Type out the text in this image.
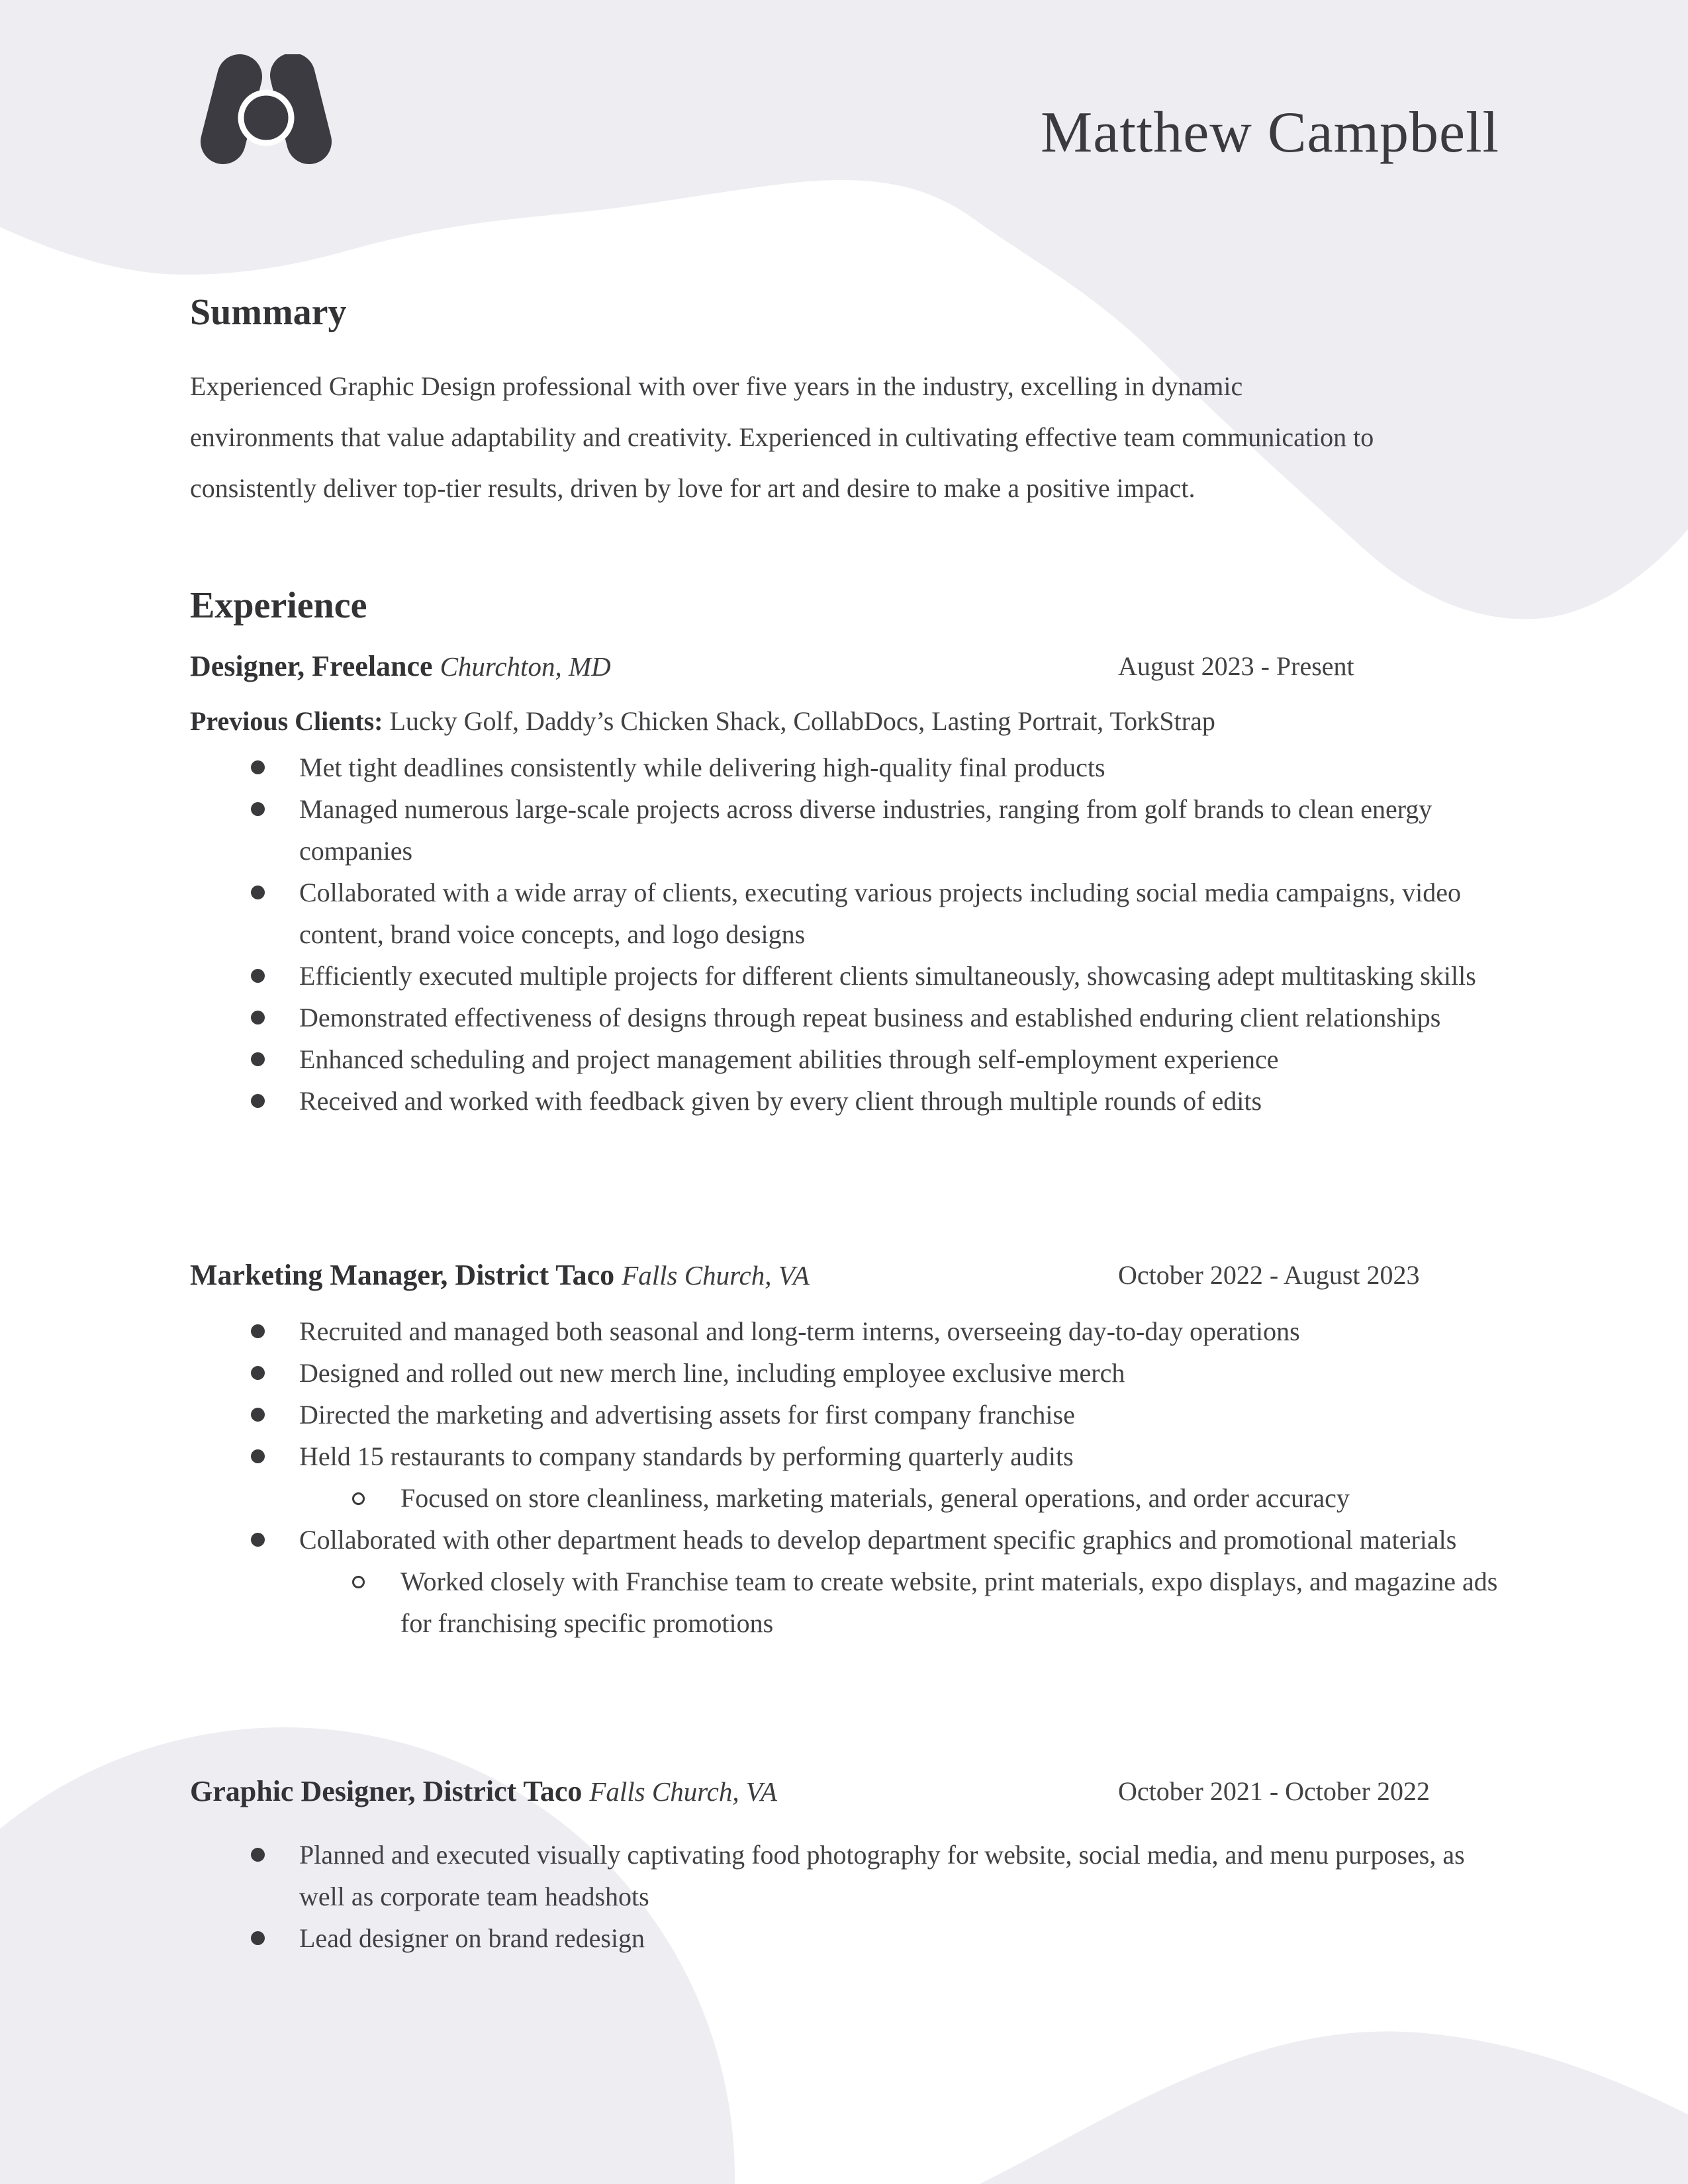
Matthew Campbell
Summary

Experienced Graphic Design professional with over five years in the industry, excelling in dynamic environments that value adaptability and creativity. Experienced in cultivating effective team communication to consistently deliver top-tier results, driven by love for art and desire to make a positive impact.

Experience
Designer, Freelance Churchton, MD	August 2023 - Present
Previous Clients: Lucky Golf, Daddy’s Chicken Shack, CollabDocs, Lasting Portrait, TorkStrap
Met tight deadlines consistently while delivering high-quality final products
Managed numerous large-scale projects across diverse industries, ranging from golf brands to clean energy companies
Collaborated with a wide array of clients, executing various projects including social media campaigns, video content, brand voice concepts, and logo designs
Efficiently executed multiple projects for different clients simultaneously, showcasing adept multitasking skills
Demonstrated effectiveness of designs through repeat business and established enduring client relationships
Enhanced scheduling and project management abilities through self-employment experience
Received and worked with feedback given by every client through multiple rounds of edits
Marketing Manager, District Taco Falls Church, VA	October 2022 - August 2023
Recruited and managed both seasonal and long-term interns, overseeing day-to-day operations
Designed and rolled out new merch line, including employee exclusive merch
Directed the marketing and advertising assets for first company franchise
Held 15 restaurants to company standards by performing quarterly audits
Focused on store cleanliness, marketing materials, general operations, and order accuracy
Collaborated with other department heads to develop department specific graphics and promotional materials
Worked closely with Franchise team to create website, print materials, expo displays, and magazine ads for franchising specific promotions
Graphic Designer, District Taco Falls Church, VA	October 2021 - October 2022
Planned and executed visually captivating food photography for website, social media, and menu purposes, as well as corporate team headshots
Lead designer on brand redesign
